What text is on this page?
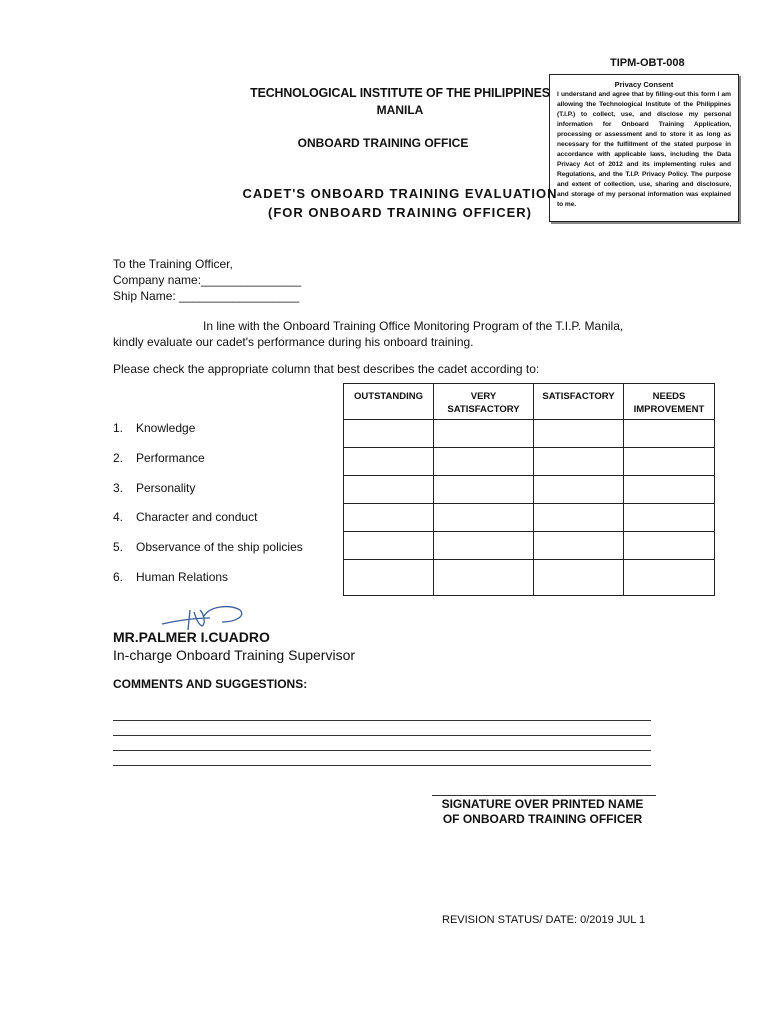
TIPM-OBT-008
Privacy Consent
I understand and agree that by filling-out this form I am allowing the Technological Institute of the Philippines (T.I.P.) to collect, use, and disclose my personal information for Onboard Training Application, processing or assessment and to store it as long as necessary for the fulfillment of the stated purpose in accordance with applicable laws, including the Data Privacy Act of 2012 and its implementing rules and Regulations, and the T.I.P. Privacy Policy. The purpose and extent of collection, use, sharing and disclosure, and storage of my personal information was explained to me.
TECHNOLOGICAL INSTITUTE OF THE PHILIPPINES
MANILA
ONBOARD TRAINING OFFICE
CADET'S ONBOARD TRAINING EVALUATION
(FOR ONBOARD TRAINING OFFICER)
To the Training Officer,
Company name:_______________
Ship Name: __________________
In line with the Onboard Training Office Monitoring Program of the T.I.P. Manila,
kindly evaluate our cadet's performance during his onboard training.
Please check the appropriate column that best describes the cadet according to:
OUTSTANDING	VERY SATISFACTORY	SATISFACTORY	NEEDS IMPROVEMENT

1. Knowledge
2. Performance
3. Personality
4. Character and conduct
5. Observance of the ship policies
6. Human Relations
MR.PALMER I.CUADRO
In-charge Onboard Training Supervisor
COMMENTS AND SUGGESTIONS:
SIGNATURE OVER PRINTED NAME
OF ONBOARD TRAINING OFFICER
REVISION STATUS/ DATE: 0/2019 JUL 1
